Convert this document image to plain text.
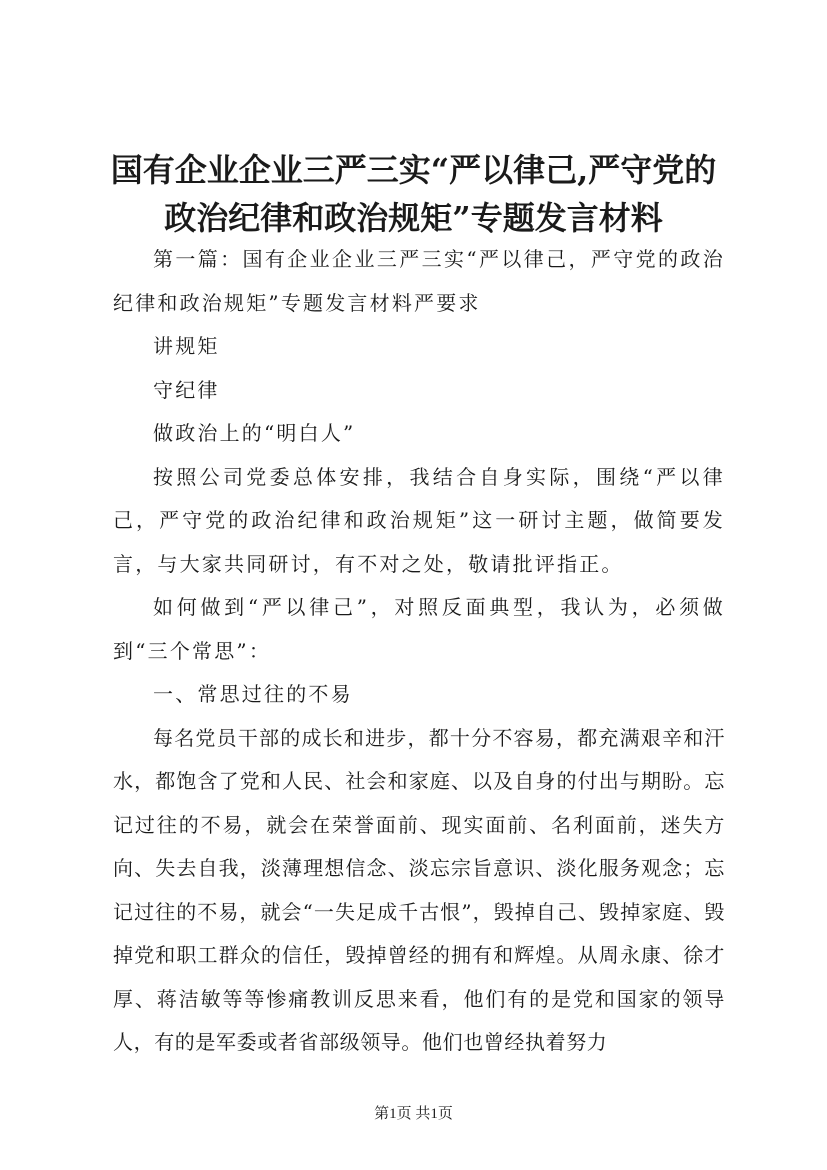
国有企业企业三严三实“严以律己,严守党的政治纪律和政治规矩”专题发言材料

第一篇：国有企业企业三严三实“严以律己，严守党的政治纪律和政治规矩”专题发言材料严要求

讲规矩

守纪律

做政治上的“明白人”

按照公司党委总体安排，我结合自身实际，围绕“严以律己，严守党的政治纪律和政治规矩”这一研讨主题，做简要发言，与大家共同研讨，有不对之处，敬请批评指正。

如何做到“严以律己”，对照反面典型，我认为，必须做到“三个常思”：

一、常思过往的不易

每名党员干部的成长和进步，都十分不容易，都充满艰辛和汗水，都饱含了党和人民、社会和家庭、以及自身的付出与期盼。忘记过往的不易，就会在荣誉面前、现实面前、名利面前，迷失方向、失去自我，淡薄理想信念、淡忘宗旨意识、淡化服务观念；忘记过往的不易，就会“一失足成千古恨”，毁掉自己、毁掉家庭、毁掉党和职工群众的信任，毁掉曾经的拥有和辉煌。从周永康、徐才厚、蒋洁敏等等惨痛教训反思来看，他们有的是党和国家的领导人，有的是军委或者省部级领导。他们也曾经执着努力

第1页 共1页
